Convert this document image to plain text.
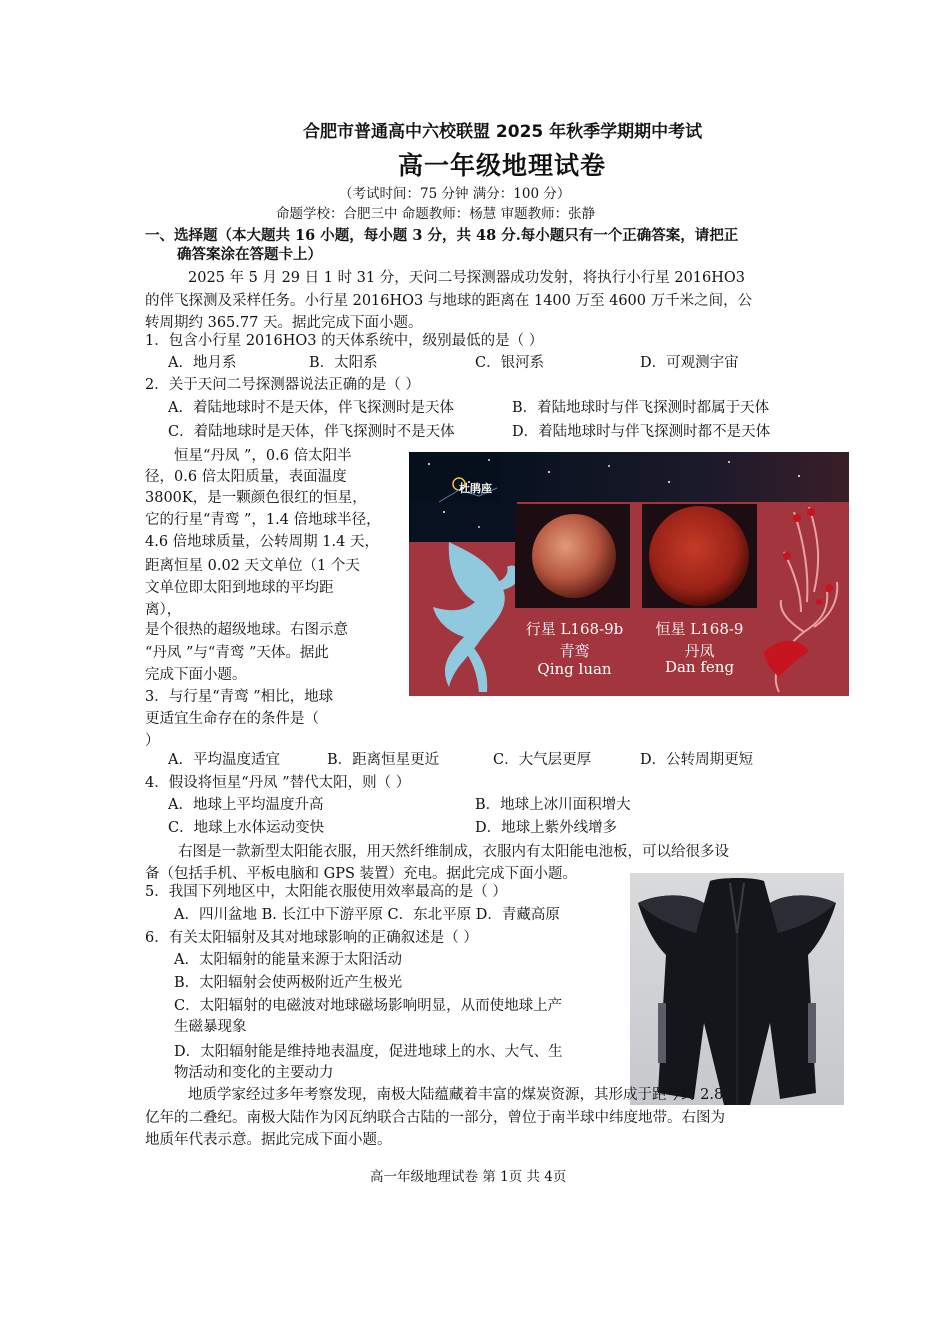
合肥市普通高中六校联盟 2025 年秋季学期期中考试
高一年级地理试卷
（考试时间：75 分钟 满分：100 分）
命题学校：合肥三中 命题教师：杨慧 审题教师：张静
一、选择题（本大题共 16 小题，每小题 3 分，共 48 分.每小题只有一个正确答案，请把正
确答案涂在答题卡上）
2025 年 5 月 29 日 1 时 31 分，天问二号探测器成功发射，将执行小行星 2016HO3
的伴飞探测及采样任务。小行星 2016HO3 与地球的距离在 1400 万至 4600 万千米之间，公
转周期约 365.77 天。据此完成下面小题。
1．包含小行星 2016HO3 的天体系统中，级别最低的是（ ）
A．地月系	B．太阳系	C．银河系	D．可观测宇宙
2．关于天问二号探测器说法正确的是（ ）
A．着陆地球时不是天体，伴飞探测时是天体	B．着陆地球时与伴飞探测时都属于天体
C．着陆地球时是天体，伴飞探测时不是天体	D．着陆地球时与伴飞探测时都不是天体
恒星“丹凤 ”，0.6 倍太阳半
径，0.6 倍太阳质量，表面温度
3800K，是一颗颜色很红的恒星，
它的行星“青鸾 ”，1.4 倍地球半径，
4.6 倍地球质量，公转周期 1.4 天，
距离恒星 0.02 天文单位（1 个天
文单位即太阳到地球的平均距
离），
是个很热的超级地球。右图示意
“丹凤 ”与“青鸾 ”天体。据此
完成下面小题。
杜鹃座
行星 L168-9b
青鸾
Qing luan
恒星 L168-9
丹凤
Dan feng
3．与行星“青鸾 ”相比，地球
更适宜生命存在的条件是（
）
A．平均温度适宜	B．距离恒星更近	C．大气层更厚	D．公转周期更短
4．假设将恒星“丹凤 ”替代太阳，则（ ）
A．地球上平均温度升高	B．地球上冰川面积增大
C．地球上水体运动变快	D．地球上紫外线增多
右图是一款新型太阳能衣服，用天然纤维制成，衣服内有太阳能电池板，可以给很多设
备（包括手机、平板电脑和 GPS 装置）充电。据此完成下面小题。
5．我国下列地区中，太阳能衣服使用效率最高的是（ ）
A．四川盆地 B. 长江中下游平原 C．东北平原 D．青藏高原
6．有关太阳辐射及其对地球影响的正确叙述是（ ）
A．太阳辐射的能量来源于太阳活动
B．太阳辐射会使两极附近产生极光
C．太阳辐射的电磁波对地球磁场影响明显，从而使地球上产
生磁暴现象
D．太阳辐射能是维持地表温度，促进地球上的水、大气、生
物活动和变化的主要动力
地质学家经过多年考察发现，南极大陆蕴藏着丰富的煤炭资源，其形成于距今约 2.8
亿年的二叠纪。南极大陆作为冈瓦纳联合古陆的一部分，曾位于南半球中纬度地带。右图为
地质年代表示意。据此完成下面小题。
高一年级地理试卷 第 1页 共 4页
